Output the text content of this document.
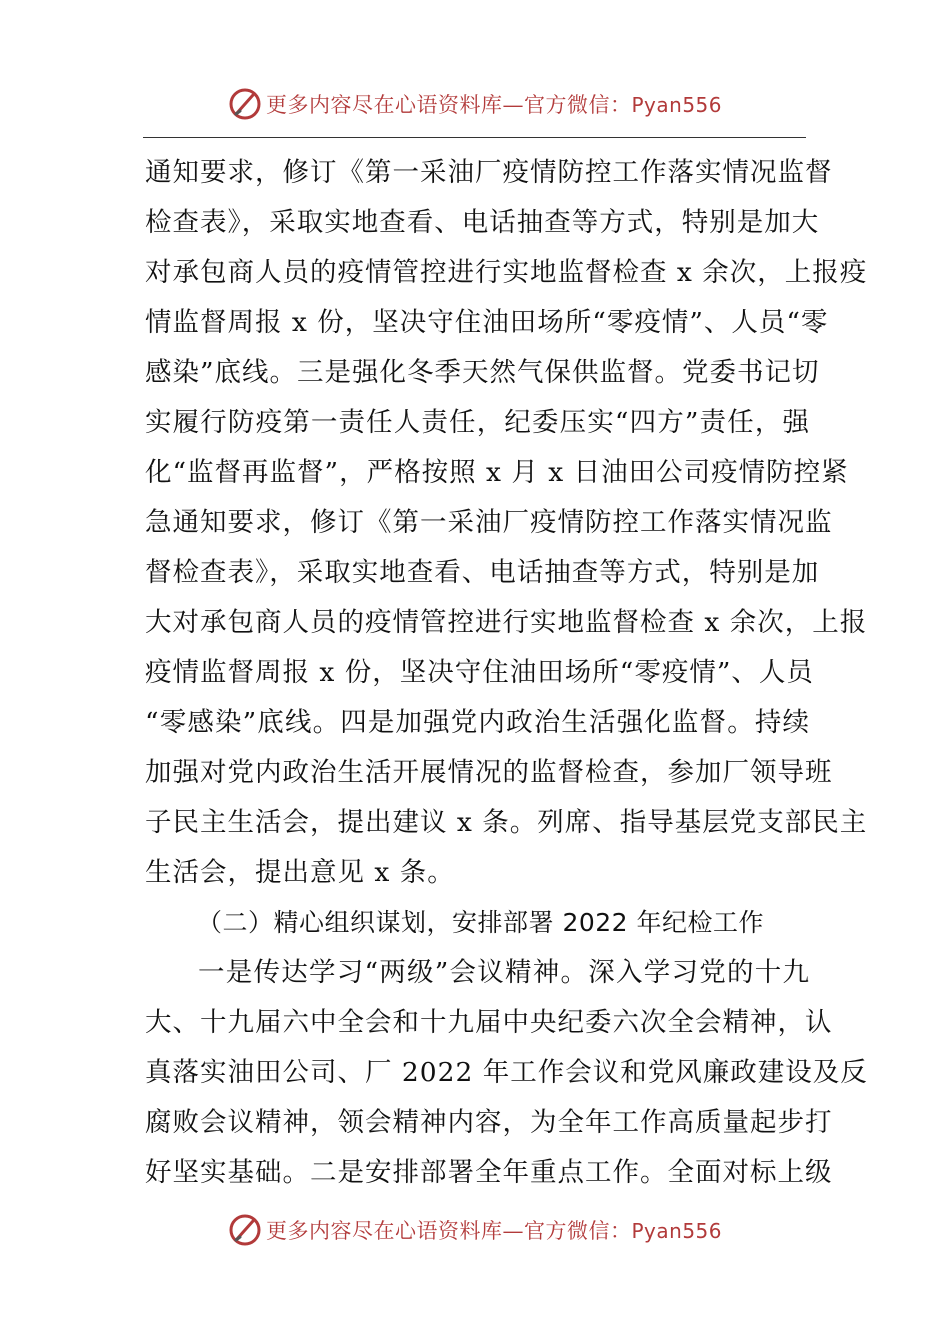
更多内容尽在心语资料库—官方微信：Pyan556
通知要求，修订《第一采油厂疫情防控工作落实情况监督
检查表》，采取实地查看、电话抽查等方式，特别是加大
对承包商人员的疫情管控进行实地监督检查 x 余次，上报疫
情监督周报 x 份，坚决守住油田场所“零疫情”、人员“零
感染”底线。三是强化冬季天然气保供监督。党委书记切
实履行防疫第一责任人责任，纪委压实“四方”责任，强
化“监督再监督”，严格按照 x 月 x 日油田公司疫情防控紧
急通知要求，修订《第一采油厂疫情防控工作落实情况监
督检查表》，采取实地查看、电话抽查等方式，特别是加
大对承包商人员的疫情管控进行实地监督检查 x 余次，上报
疫情监督周报 x 份，坚决守住油田场所“零疫情”、人员
“零感染”底线。四是加强党内政治生活强化监督。持续
加强对党内政治生活开展情况的监督检查，参加厂领导班
子民主生活会，提出建议 x 条。列席、指导基层党支部民主
生活会，提出意见 x 条。
（二）精心组织谋划，安排部署 2022 年纪检工作
一是传达学习“两级”会议精神。深入学习党的十九
大、十九届六中全会和十九届中央纪委六次全会精神，认
真落实油田公司、厂 2022 年工作会议和党风廉政建设及反
腐败会议精神，领会精神内容，为全年工作高质量起步打
好坚实基础。二是安排部署全年重点工作。全面对标上级
更多内容尽在心语资料库—官方微信：Pyan556
